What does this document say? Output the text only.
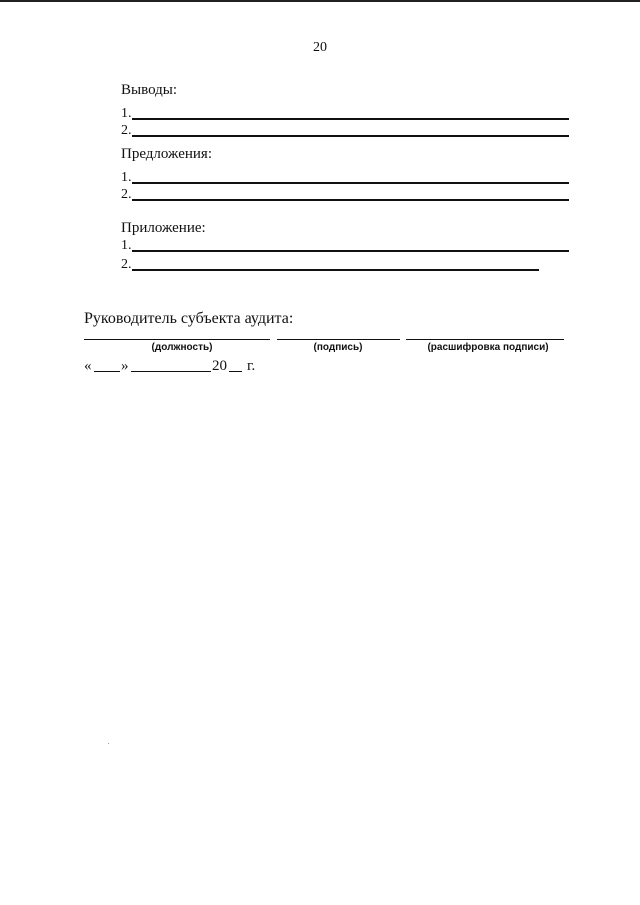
20
Выводы:
1.
2.
Предложения:
1.
2.
Приложение:
1.
2.
Руководитель субъекта аудита:
(должность)	(подпись)	(расшифровка подписи)
« »	20 г.
